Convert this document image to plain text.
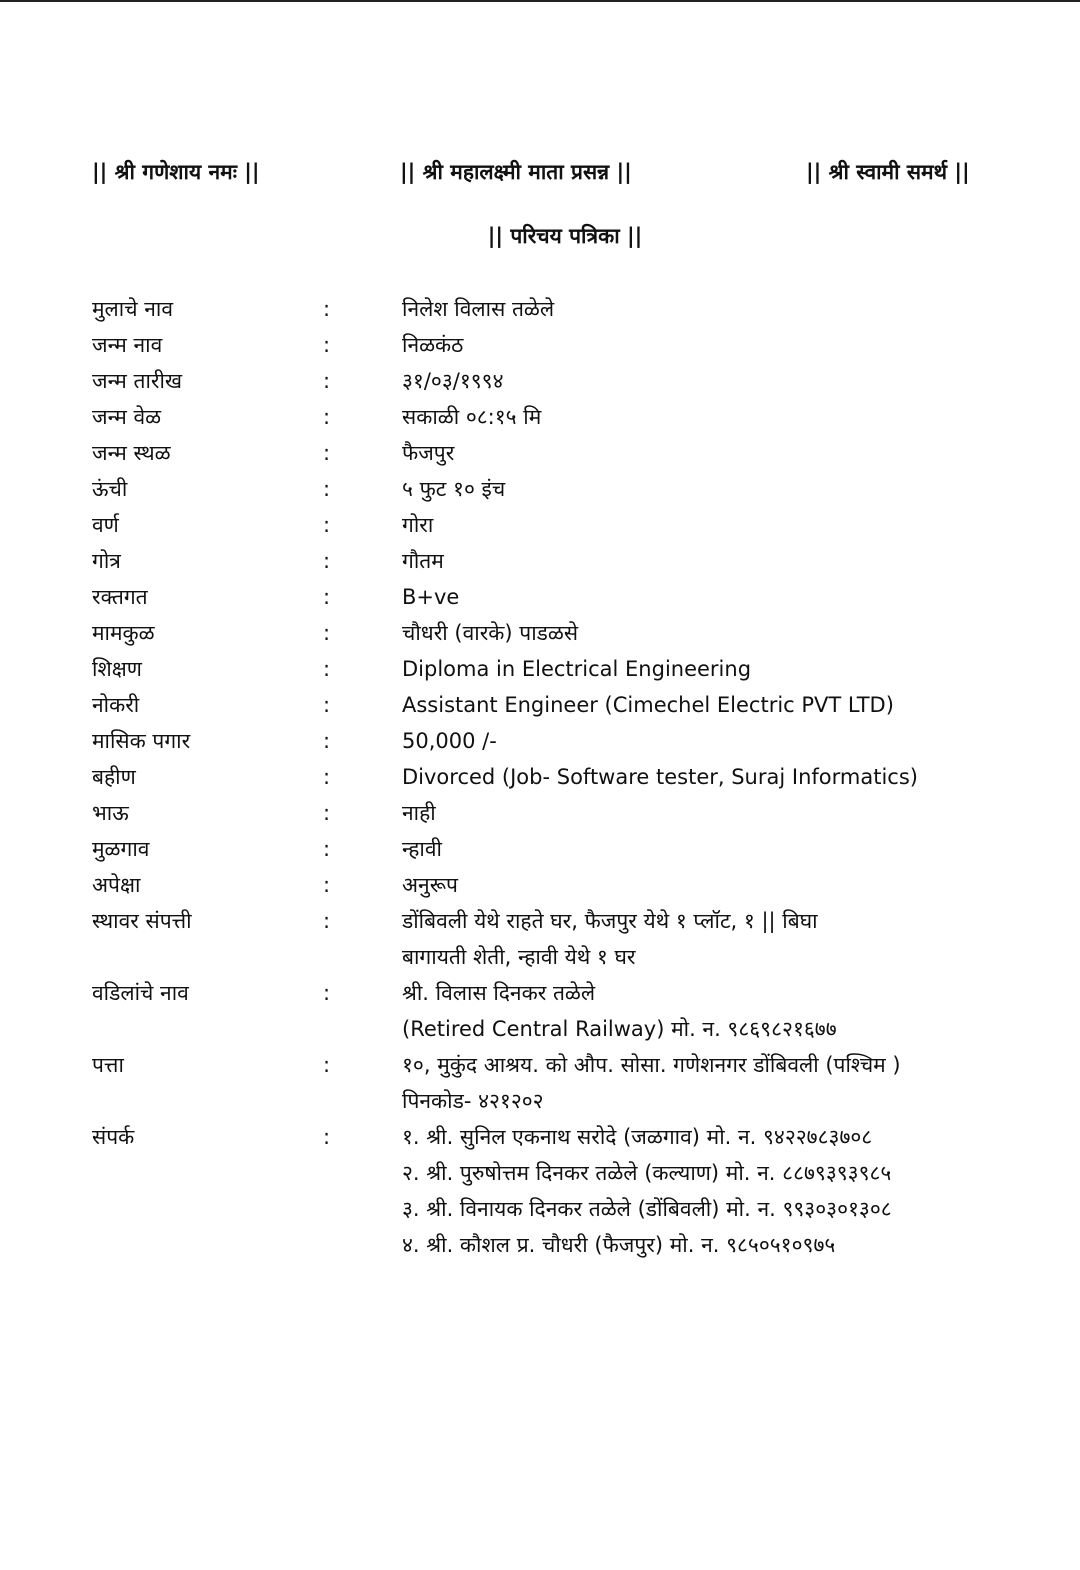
|| श्री गणेशाय नमः ||	|| श्री महालक्ष्मी माता प्रसन्न ||	|| श्री स्वामी समर्थ ||
|| परिचय पत्रिका ||
मुलाचे नाव	:	निलेश विलास तळेले
जन्म नाव	:	निळकंठ
जन्म तारीख	:	३१/०३/१९९४
जन्म वेळ	:	सकाळी ०८:१५ मि
जन्म स्थळ	:	फैजपुर
ऊंची	:	५ फुट १० इंच
वर्ण	:	गोरा
गोत्र	:	गौतम
रक्तगत	:	B+ve
मामकुळ	:	चौधरी (वारके) पाडळसे
शिक्षण	:	Diploma in Electrical Engineering
नोकरी	:	Assistant Engineer (Cimechel Electric PVT LTD)
मासिक पगार	:	50,000 /-
बहीण	:	Divorced (Job- Software tester, Suraj Informatics)
भाऊ	:	नाही
मुळगाव	:	न्हावी
अपेक्षा	:	अनुरूप
स्थावर संपत्ती	:	डोंबिवली येथे राहते घर, फैजपुर येथे १ प्लॉट, १ || बिघा
बागायती शेती, न्हावी येथे १ घर
वडिलांचे नाव	:	श्री. विलास दिनकर तळेले
(Retired Central Railway) मो. न. ९८६९८२१६७७
पत्ता	:	१०, मुकुंद आश्रय. को औप. सोसा. गणेशनगर डोंबिवली (पश्चिम )
पिनकोड- ४२१२०२
संपर्क	:	१. श्री. सुनिल एकनाथ सरोदे (जळगाव) मो. न. ९४२२७८३७०८
२. श्री. पुरुषोत्तम दिनकर तळेले (कल्याण) मो. न. ८८७९३९३९८५
३. श्री. विनायक दिनकर तळेले (डोंबिवली) मो. न. ९९३०३०१३०८
४. श्री. कौशल प्र. चौधरी (फैजपुर) मो. न. ९८५०५१०९७५
